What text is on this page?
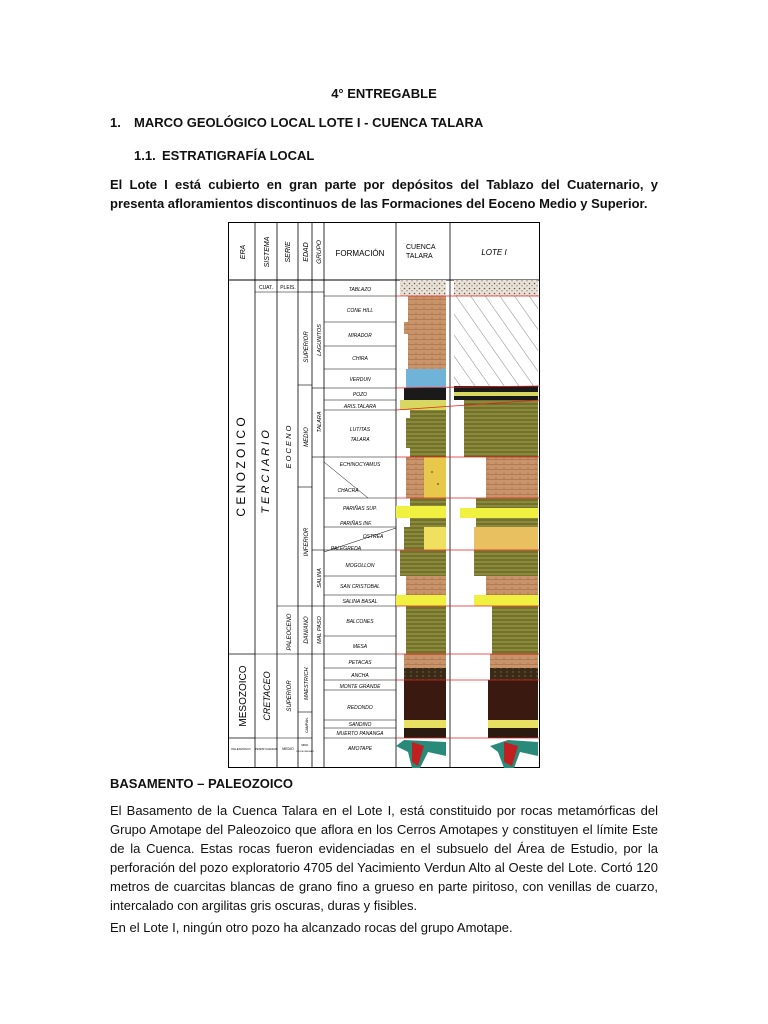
4° ENTREGABLE
1. MARCO GEOLÓGICO LOCAL LOTE I - CUENCA TALARA
1.1. ESTRATIGRAFÍA LOCAL
El Lote I está cubierto en gran parte por depósitos del Tablazo del Cuaternario, y presenta afloramientos discontinuos de las Formaciones del Eoceno Medio y Superior.
ERA SISTEMA SERIE EDAD GRUPO FORMACIÓN
CUENCA
TALARA	LOTE I
C E N O Z O I C O
MESOZOICO
PALEOZOICO
CUAT.
T E R C I A R I O
CRETACEO
PENNSYLVANIAN
PLEIS.
E O C E N O
PALEOCENO
SUPERIOR
MEDIO
SUPERIOR
MEDIO
INFERIOR
DANIANO
MAESTRICH.
CAMPAN.
MIDD.
DES MOINESIAN
LAGUNITOS
TALARA
SALINA
MAL PASO
TABLAZO
CONE HILL
MIRADOR
CHIRA
VERDUN
POZO
ARIS.TALARA
LUTITAS
TALARA
ECHINOCYAMUS
CHACRA
PARIÑAS SUP.
PARIÑAS INF.
OSTREA
PALEGREDA
MOGOLLON
SAN CRISTOBAL
SALINA BASAL
BALCONES
MESA
PETACAS
ANCHA
MONTE GRANDE
REDONDO
SANDINO
MUERTO PANANGA
AMOTAPE
BASAMENTO – PALEOZOICO
El Basamento de la Cuenca Talara en el Lote I, está constituido por rocas metamórficas del Grupo Amotape del Paleozoico que aflora en los Cerros Amotapes y constituyen el límite Este de la Cuenca. Estas rocas fueron evidenciadas en el subsuelo del Área de Estudio, por la perforación del pozo exploratorio 4705 del Yacimiento Verdun Alto al Oeste del Lote. Cortó 120 metros de cuarcitas blancas de grano fino a grueso en parte piritoso, con venillas de cuarzo, intercalado con argilitas gris oscuras, duras y fisibles.
En el Lote I, ningún otro pozo ha alcanzado rocas del grupo Amotape.
